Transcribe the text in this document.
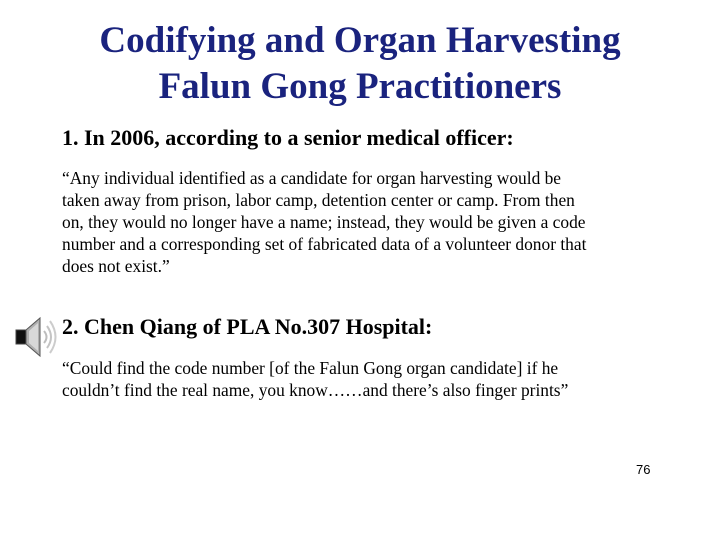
Codifying and Organ Harvesting
Falun Gong Practitioners
1. In 2006, according to a senior medical officer:
“Any individual identified as a candidate for organ harvesting would be
taken away from prison, labor camp, detention center or camp. From then
on, they would no longer have a name; instead, they would be given a code
number and a corresponding set of fabricated data of a volunteer donor that
does not exist.”
2. Chen Qiang of PLA No.307 Hospital:
“Could find the code number [of the Falun Gong organ candidate] if he
couldn’t find the real name, you know……and there’s also finger prints”
76
